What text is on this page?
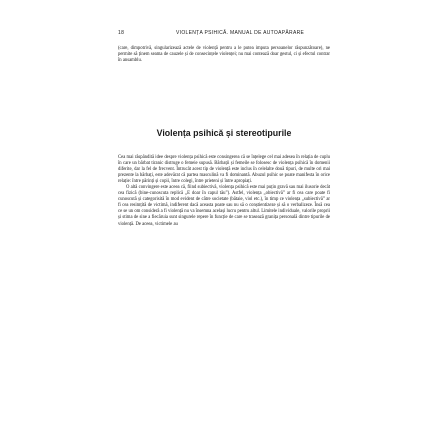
18	VIOLENȚA PSIHICĂ. MANUAL DE AUTOAPĂRARE

(care, dimpotrivă, singularizează actele de violență pentru a le putea imputa persoanelor răspunzătoare), ne permite să ținem seama de cauzele și de consecințele violenței; nu mai contează doar gestul, ci și efectul contrar în ansamblu.

Violența psihică și stereotipurile

Cea mai răspândită idee despre violența psihică este consingerea că se înțelege cel mai adesea în relația de cuplu în care un bărbat tiranic distruge o femeie supusă. Bărbații și femeile se folosesc de violența psihică în domenii diferite, dar la fel de frecvent. Întrucât acest tip de violență este inclus în celelalte două tipuri, de multe ori mai prezente la bărbați, este adevărat că partea masculină va fi dominantă. Abuzul psihic se poate manifesta în orice relație: între părinți și copii, între colegi, între prieteni și între apropiați.

O altă convingere este aceea că, fiind subiectivă, violența psihică este mai puțin gravă sau mai ilusorie decât cea fizică (bine-cunoscuta replică „E doar în capul tău”). Astfel, violența „obiectivă” ar fi cea care poate fi cunoscută și categorisită în mod evident de către societate (bătaie, viol etc.), în timp ce violența „subiectivă” ar fi cea resimțită de victimă, indiferent dacă aceasta poate sau nu să o conștientizeze și să o verbalizeze. Însă cea ce se un om consideră a fi violență nu va însemna același lucru pentru altul. Limitele individuale, valorile proprii și stima de sine a fiecăruia sunt singurele repere în funcție de care se trasează granița personală dintre tipurile de violență. De aceea, victimele au
